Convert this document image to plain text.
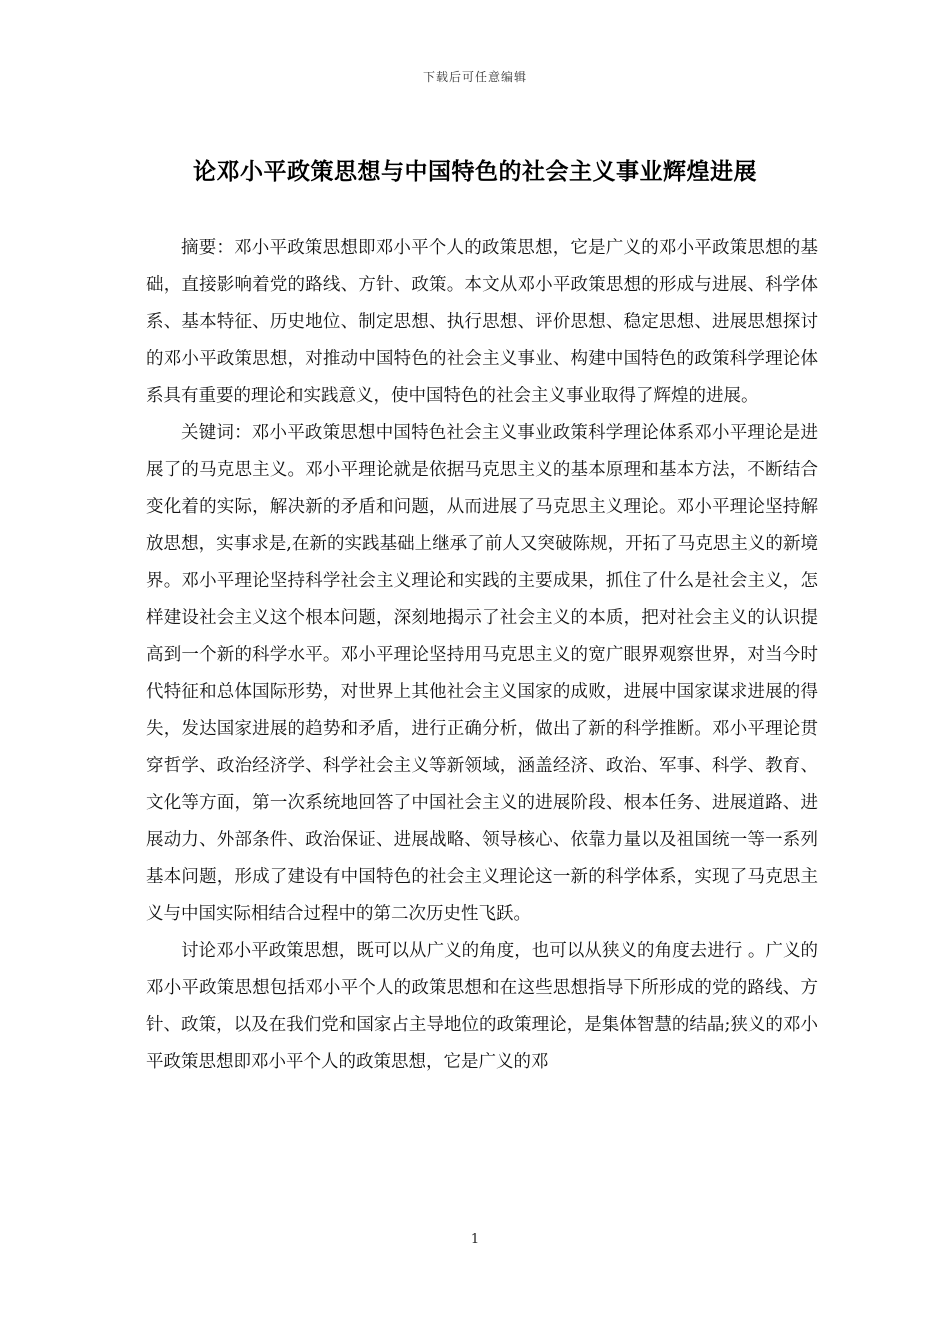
下载后可任意编辑
论邓小平政策思想与中国特色的社会主义事业辉煌进展

摘要：邓小平政策思想即邓小平个人的政策思想，它是广义的邓小平政策思想的基础，直接影响着党的路线、方针、政策。本文从邓小平政策思想的形成与进展、科学体系、基本特征、历史地位、制定思想、执行思想、评价思想、稳定思想、进展思想探讨的邓小平政策思想，对推动中国特色的社会主义事业、构建中国特色的政策科学理论体系具有重要的理论和实践意义，使中国特色的社会主义事业取得了辉煌的进展。

关键词：邓小平政策思想中国特色社会主义事业政策科学理论体系邓小平理论是进展了的马克思主义。邓小平理论就是依据马克思主义的基本原理和基本方法，不断结合变化着的实际，解决新的矛盾和问题，从而进展了马克思主义理论。邓小平理论坚持解放思想，实事求是,在新的实践基础上继承了前人又突破陈规，开拓了马克思主义的新境界。邓小平理论坚持科学社会主义理论和实践的主要成果，抓住了什么是社会主义，怎样建设社会主义这个根本问题，深刻地揭示了社会主义的本质，把对社会主义的认识提高到一个新的科学水平。邓小平理论坚持用马克思主义的宽广眼界观察世界，对当今时代特征和总体国际形势，对世界上其他社会主义国家的成败，进展中国家谋求进展的得失，发达国家进展的趋势和矛盾，进行正确分析，做出了新的科学推断。邓小平理论贯穿哲学、政治经济学、科学社会主义等新领域，涵盖经济、政治、军事、科学、教育、文化等方面，第一次系统地回答了中国社会主义的进展阶段、根本任务、进展道路、进展动力、外部条件、政治保证、进展战略、领导核心、依靠力量以及祖国统一等一系列基本问题，形成了建设有中国特色的社会主义理论这一新的科学体系，实现了马克思主义与中国实际相结合过程中的第二次历史性飞跃。

讨论邓小平政策思想，既可以从广义的角度，也可以从狭义的角度去进行 。广义的邓小平政策思想包括邓小平个人的政策思想和在这些思想指导下所形成的党的路线、方针、政策，以及在我们党和国家占主导地位的政策理论，是集体智慧的结晶;狭义的邓小平政策思想即邓小平个人的政策思想，它是广义的邓

1
